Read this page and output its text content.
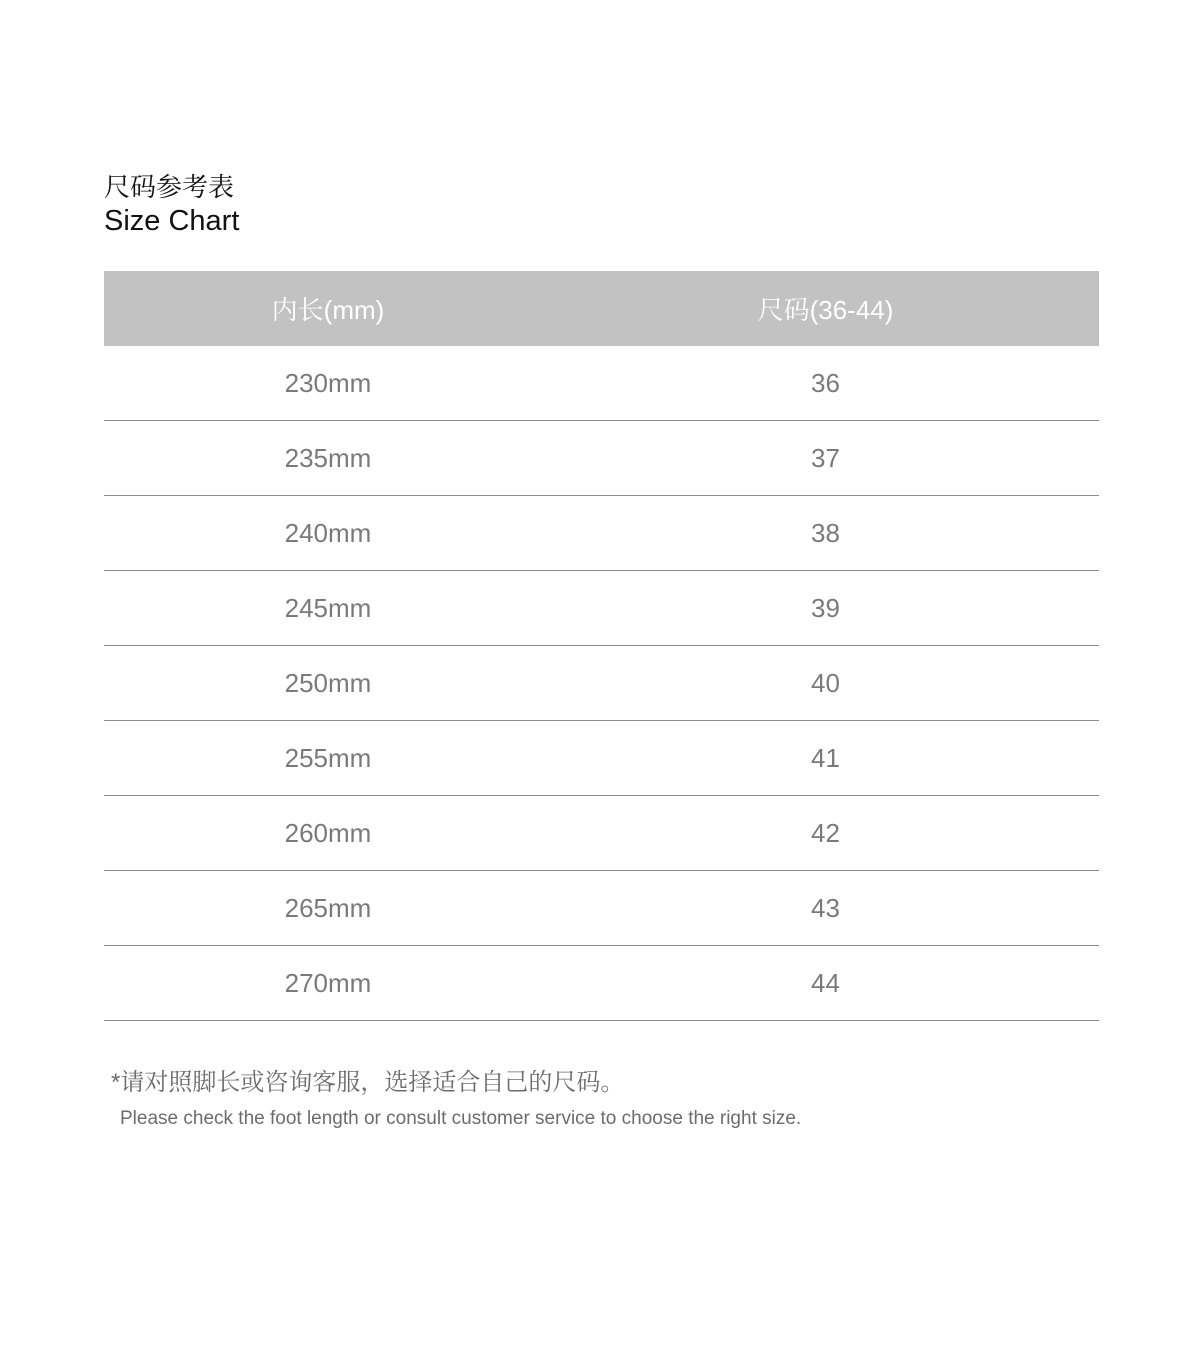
尺码参考表

Size Chart

内长(mm)	尺码(36-44)
230mm	36
235mm	37
240mm	38
245mm	39
250mm	40
255mm	41
260mm	42
265mm	43
270mm	44

*请对照脚长或咨询客服，选择适合自己的尺码。

Please check the foot length or consult customer service to choose the right size.
